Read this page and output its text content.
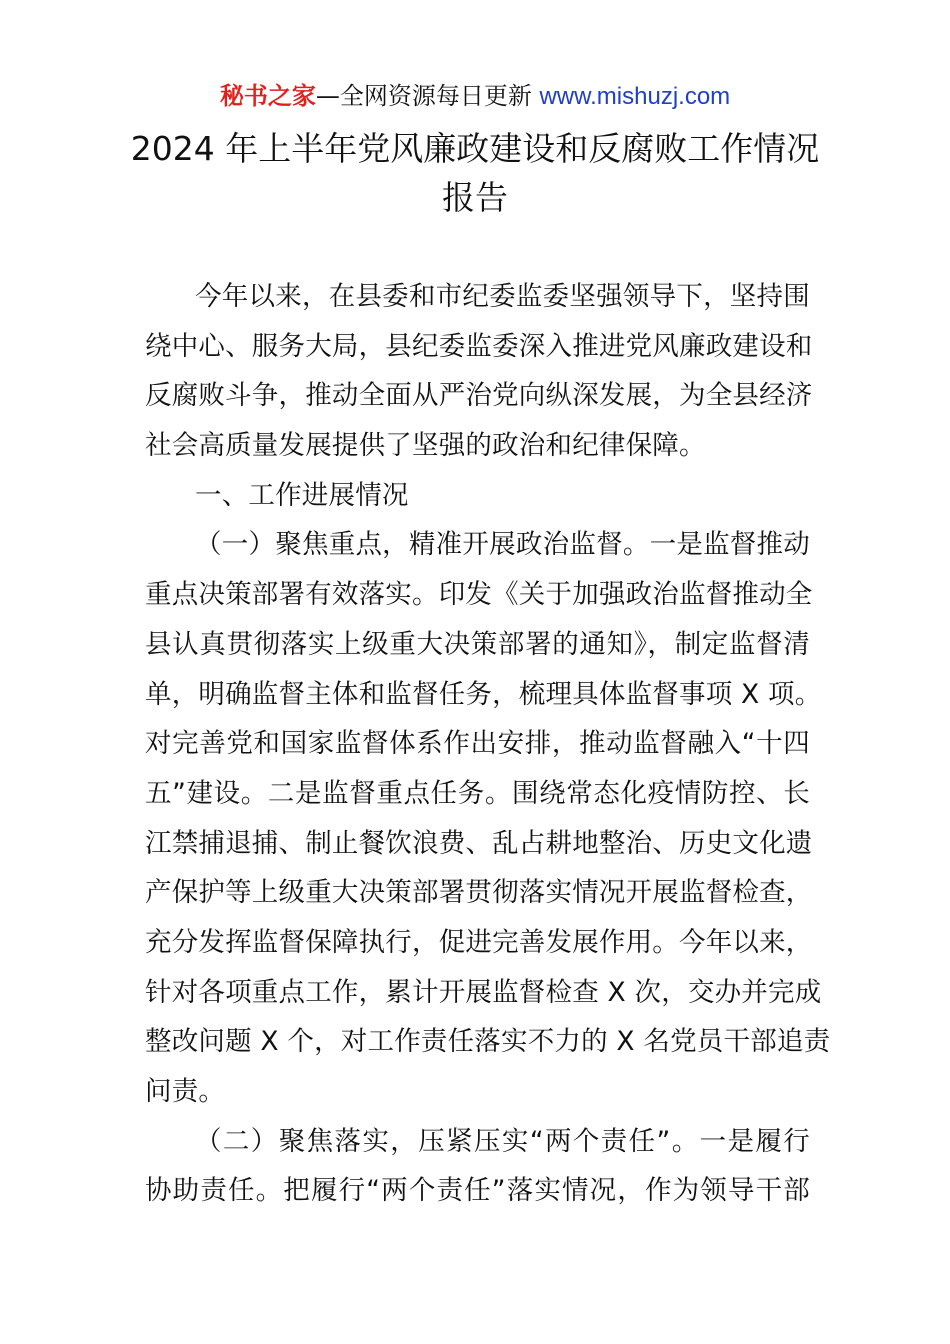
秘书之家—全网资源每日更新 www.mishuzj.com
2024 年上半年党风廉政建设和反腐败工作情况
报告
今年以来，在县委和市纪委监委坚强领导下，坚持围
绕中心、服务大局，县纪委监委深入推进党风廉政建设和
反腐败斗争，推动全面从严治党向纵深发展，为全县经济
社会高质量发展提供了坚强的政治和纪律保障。
一、工作进展情况
（一）聚焦重点，精准开展政治监督。一是监督推动
重点决策部署有效落实。印发《关于加强政治监督推动全
县认真贯彻落实上级重大决策部署的通知》，制定监督清
单，明确监督主体和监督任务，梳理具体监督事项 X 项。
对完善党和国家监督体系作出安排，推动监督融入“十四
五”建设。二是监督重点任务。围绕常态化疫情防控、长
江禁捕退捕、制止餐饮浪费、乱占耕地整治、历史文化遗
产保护等上级重大决策部署贯彻落实情况开展监督检查，
充分发挥监督保障执行，促进完善发展作用。今年以来，
针对各项重点工作，累计开展监督检查 X 次，交办并完成
整改问题 X 个，对工作责任落实不力的 X 名党员干部追责
问责。
（二）聚焦落实，压紧压实“两个责任”。一是履行
协助责任。把履行“两个责任”落实情况，作为领导干部
